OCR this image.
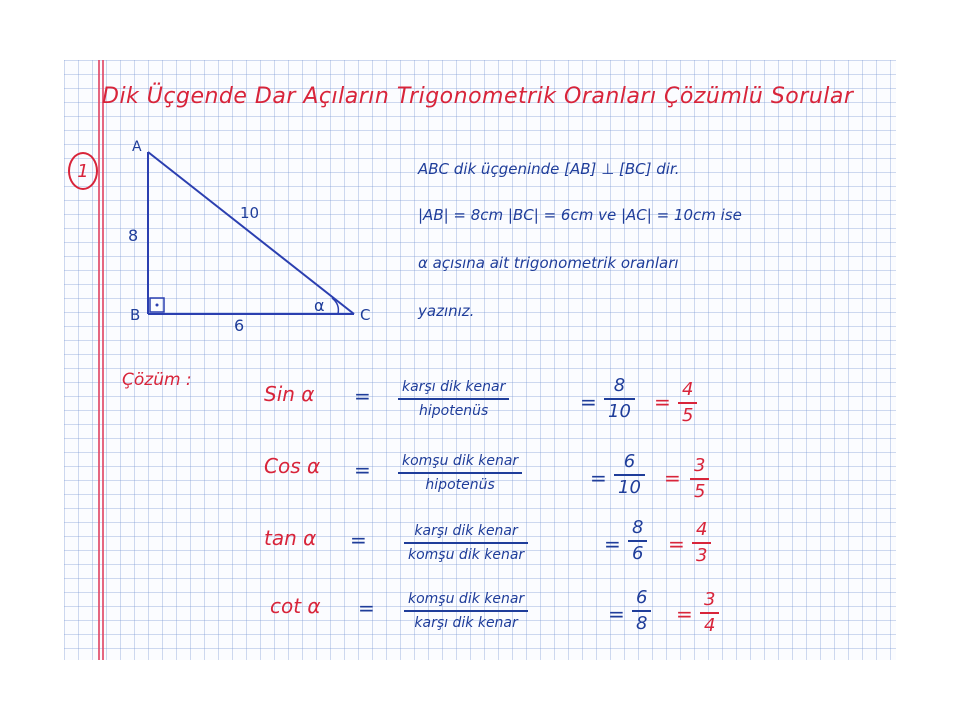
Dik Üçgende Dar Açıların Trigonometrik Oranları Çözümlü Sorular
1
A
B	C
8
6
10
α
ABC dik üçgeninde [AB] ⊥ [BC] dir.
|AB| = 8cm |BC| = 6cm ve |AC| = 10cm ise
α açısına ait trigonometrik oranları
yazınız.
Çözüm :
Sin α = karşı dik kenar
hipotenüs	=
8
10 =
4
5
Cos α = komşu dik kenar
hipotenüs	=
6
10 =
3
5
tan α =	karşı dik kenar
komşu dik kenar	=
8
6 =
4
3
cot α = komşu dik kenar
karşı dik kenar	=
6
8 =
3
4
